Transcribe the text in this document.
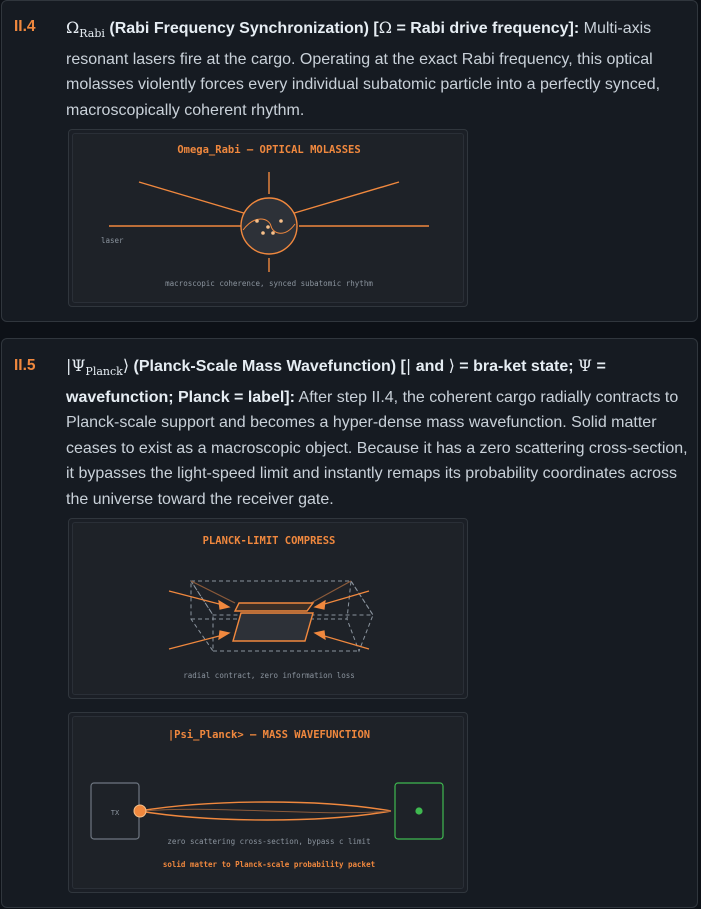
II.4 $\Omega_{Rabi}$ (Rabi Frequency Synchronization) [Ω = Rabi drive frequency]: Multi-axis resonant lasers fire at the cargo. Operating at the exact Rabi frequency, this optical molasses violently forces every individual subatomic particle into a perfectly synced, macroscopically coherent rhythm.
Omega_Rabi – OPTICAL MOLASSES
laser
macroscopic coherence, synced subatomic rhythm
II.5 $|\Psi_{Planck}⟩$ (Planck-Scale Mass Wavefunction) [| and ⟩ = bra-ket state; Ψ = wavefunction; Planck = label]: After step II.4, the coherent cargo radially contracts to Planck-scale support and becomes a hyper-dense mass wavefunction. Solid matter ceases to exist as a macroscopic object. Because it has a zero scattering cross-section, it bypasses the light-speed limit and instantly remaps its probability coordinates across the universe toward the receiver gate.
PLANCK-LIMIT COMPRESS
radial contract, zero information loss
|Psi_Planck> – MASS WAVEFUNCTION
TX
zero scattering cross-section, bypass c limit
solid matter to Planck-scale probability packet
